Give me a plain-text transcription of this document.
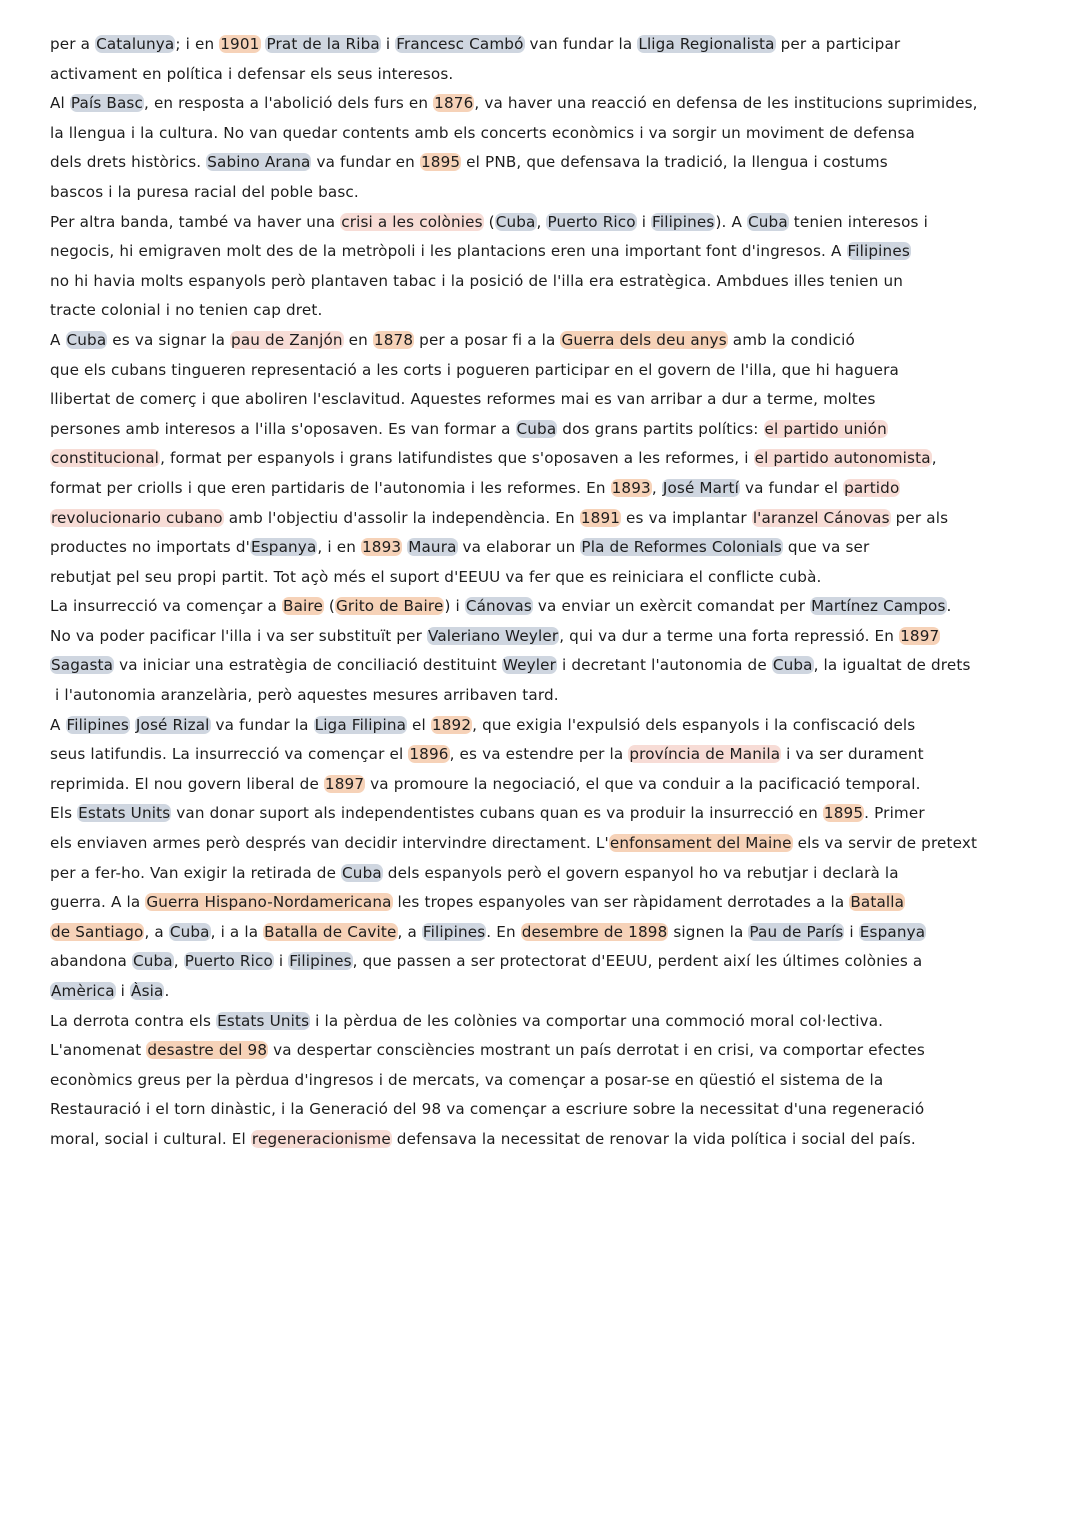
per a Catalunya; i en 1901 Prat de la Riba i Francesc Cambó van fundar la Lliga Regionalista per a participar
activament en política i defensar els seus interesos.
Al País Basc, en resposta a l'abolició dels furs en 1876, va haver una reacció en defensa de les institucions suprimides,
la llengua i la cultura. No van quedar contents amb els concerts econòmics i va sorgir un moviment de defensa
dels drets històrics. Sabino Arana va fundar en 1895 el PNB, que defensava la tradició, la llengua i costums
bascos i la puresa racial del poble basc.
Per altra banda, també va haver una crisi a les colònies (Cuba, Puerto Rico i Filipines). A Cuba tenien interesos i
negocis, hi emigraven molt des de la metròpoli i les plantacions eren una important font d'ingresos. A Filipines
no hi havia molts espanyols però plantaven tabac i la posició de l'illa era estratègica. Ambdues illes tenien un
tracte colonial i no tenien cap dret.
A Cuba es va signar la pau de Zanjón en 1878 per a posar fi a la Guerra dels deu anys amb la condició
que els cubans tingueren representació a les corts i pogueren participar en el govern de l'illa, que hi haguera
llibertat de comerç i que aboliren l'esclavitud. Aquestes reformes mai es van arribar a dur a terme, moltes
persones amb interesos a l'illa s'oposaven. Es van formar a Cuba dos grans partits polítics: el partido unión
constitucional, format per espanyols i grans latifundistes que s'oposaven a les reformes, i el partido autonomista,
format per criolls i que eren partidaris de l'autonomia i les reformes. En 1893, José Martí va fundar el partido
revolucionario cubano amb l'objectiu d'assolir la independència. En 1891 es va implantar l'aranzel Cánovas per als
productes no importats d'Espanya, i en 1893 Maura va elaborar un Pla de Reformes Colonials que va ser
rebutjat pel seu propi partit. Tot açò més el suport d'EEUU va fer que es reiniciara el conflicte cubà.
La insurrecció va començar a Baire (Grito de Baire) i Cánovas va enviar un exèrcit comandat per Martínez Campos.
No va poder pacificar l'illa i va ser substituït per Valeriano Weyler, qui va dur a terme una forta repressió. En 1897
Sagasta va iniciar una estratègia de conciliació destituint Weyler i decretant l'autonomia de Cuba, la igualtat de drets
i l'autonomia aranzelària, però aquestes mesures arribaven tard.
A Filipines José Rizal va fundar la Liga Filipina el 1892, que exigia l'expulsió dels espanyols i la confiscació dels
seus latifundis. La insurrecció va començar el 1896, es va estendre per la província de Manila i va ser durament
reprimida. El nou govern liberal de 1897 va promoure la negociació, el que va conduir a la pacificació temporal.
Els Estats Units van donar suport als independentistes cubans quan es va produir la insurrecció en 1895. Primer
els enviaven armes però després van decidir intervindre directament. L'enfonsament del Maine els va servir de pretext
per a fer-ho. Van exigir la retirada de Cuba dels espanyols però el govern espanyol ho va rebutjar i declarà la
guerra. A la Guerra Hispano-Nordamericana les tropes espanyoles van ser ràpidament derrotades a la Batalla
de Santiago, a Cuba, i a la Batalla de Cavite, a Filipines. En desembre de 1898 signen la Pau de París i Espanya
abandona Cuba, Puerto Rico i Filipines, que passen a ser protectorat d'EEUU, perdent així les últimes colònies a
Amèrica i Àsia.
La derrota contra els Estats Units i la pèrdua de les colònies va comportar una commoció moral col·lectiva.
L'anomenat desastre del 98 va despertar consciències mostrant un país derrotat i en crisi, va comportar efectes
econòmics greus per la pèrdua d'ingresos i de mercats, va començar a posar-se en qüestió el sistema de la
Restauració i el torn dinàstic, i la Generació del 98 va començar a escriure sobre la necessitat d'una regeneració
moral, social i cultural. El regeneracionisme defensava la necessitat de renovar la vida política i social del país.
